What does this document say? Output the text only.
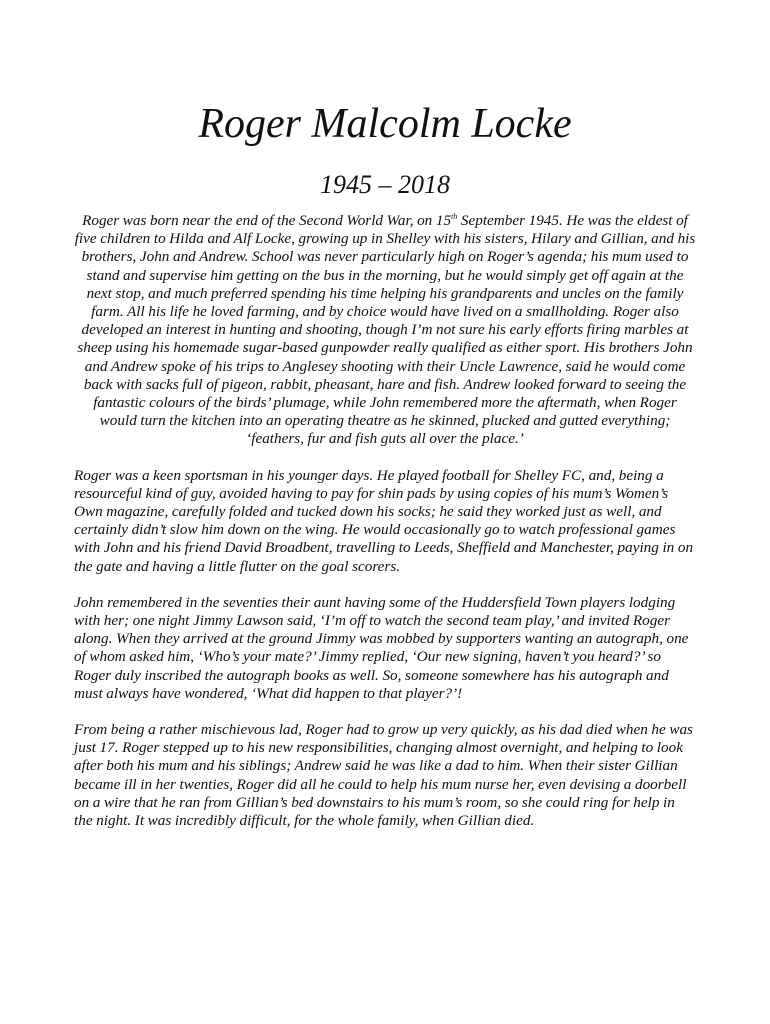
Roger Malcolm Locke
1945 – 2018

Roger was born near the end of the Second World War, on 15th September 1945. He was the eldest of five children to Hilda and Alf Locke, growing up in Shelley with his sisters, Hilary and Gillian, and his brothers, John and Andrew. School was never particularly high on Roger’s agenda; his mum used to stand and supervise him getting on the bus in the morning, but he would simply get off again at the next stop, and much preferred spending his time helping his grandparents and uncles on the family farm. All his life he loved farming, and by choice would have lived on a smallholding. Roger also developed an interest in hunting and shooting, though I’m not sure his early efforts firing marbles at sheep using his homemade sugar-based gunpowder really qualified as either sport. His brothers John and Andrew spoke of his trips to Anglesey shooting with their Uncle Lawrence, said he would come back with sacks full of pigeon, rabbit, pheasant, hare and fish. Andrew looked forward to seeing the fantastic colours of the birds’ plumage, while John remembered more the aftermath, when Roger would turn the kitchen into an operating theatre as he skinned, plucked and gutted everything; ‘feathers, fur and fish guts all over the place.’

Roger was a keen sportsman in his younger days. He played football for Shelley FC, and, being a resourceful kind of guy, avoided having to pay for shin pads by using copies of his mum’s Women’s Own magazine, carefully folded and tucked down his socks; he said they worked just as well, and certainly didn’t slow him down on the wing. He would occasionally go to watch professional games with John and his friend David Broadbent, travelling to Leeds, Sheffield and Manchester, paying in on the gate and having a little flutter on the goal scorers.

John remembered in the seventies their aunt having some of the Huddersfield Town players lodging with her; one night Jimmy Lawson said, ‘I’m off to watch the second team play,’ and invited Roger along. When they arrived at the ground Jimmy was mobbed by supporters wanting an autograph, one of whom asked him, ‘Who’s your mate?’ Jimmy replied, ‘Our new signing, haven’t you heard?’ so Roger duly inscribed the autograph books as well. So, someone somewhere has his autograph and must always have wondered, ‘What did happen to that player?’!

From being a rather mischievous lad, Roger had to grow up very quickly, as his dad died when he was just 17. Roger stepped up to his new responsibilities, changing almost overnight, and helping to look after both his mum and his siblings; Andrew said he was like a dad to him. When their sister Gillian became ill in her twenties, Roger did all he could to help his mum nurse her, even devising a doorbell on a wire that he ran from Gillian’s bed downstairs to his mum’s room, so she could ring for help in the night. It was incredibly difficult, for the whole family, when Gillian died.
